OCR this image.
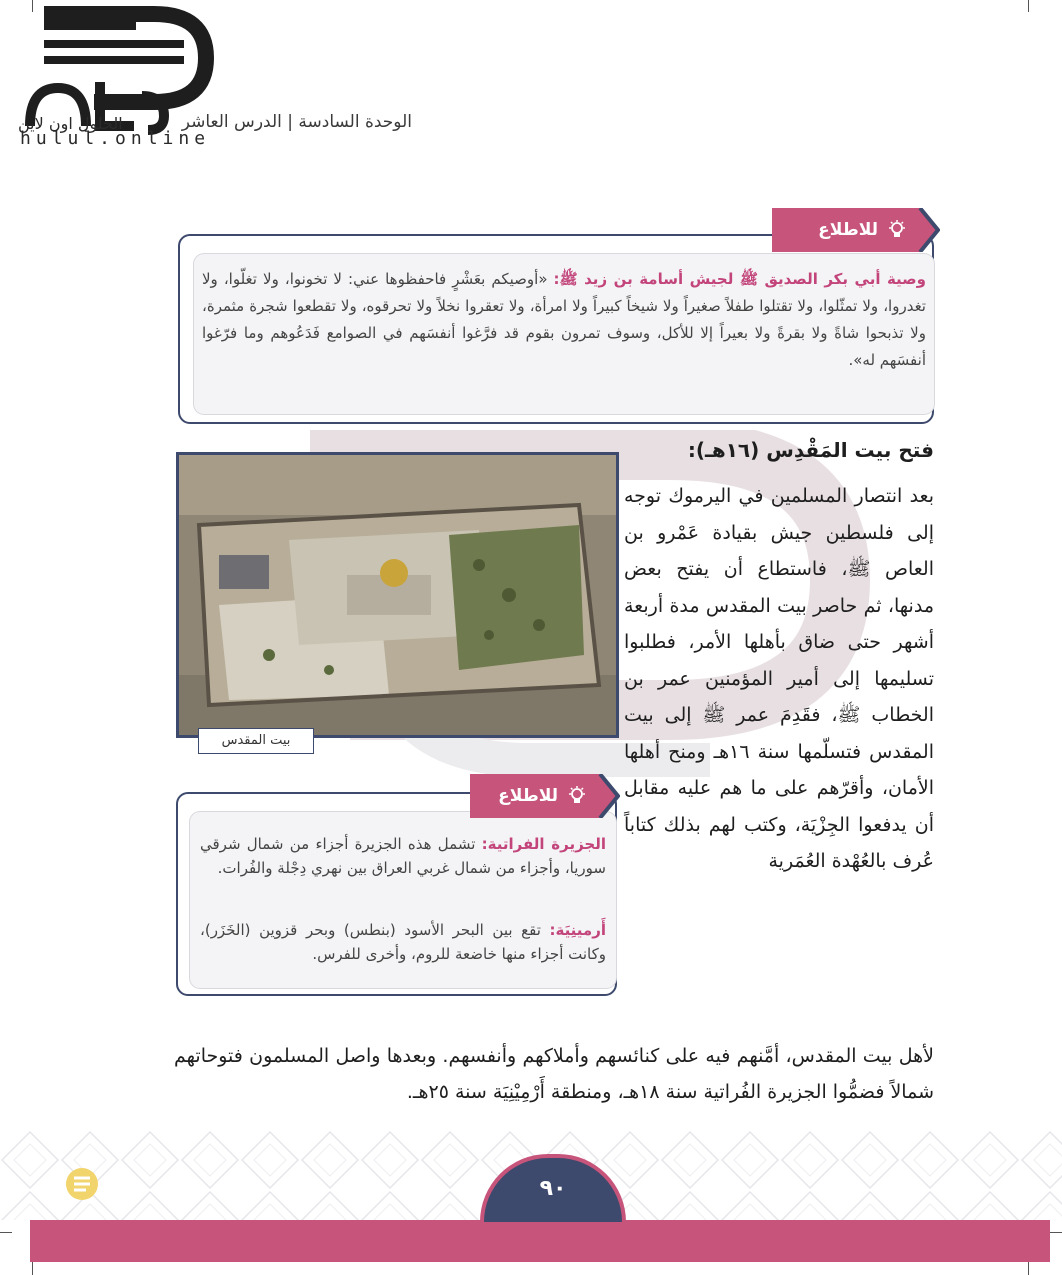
الحلول اون لاين
hulul.online
الوحدة السادسة | الدرس العاشر
للاطلاع
وصية أبي بكر الصديق ﷺ لجيش أسامة بن زيد ﷺ: «أوصيكم بعَشْرٍ فاحفظوها عني: لا تخونوا، ولا تغلّوا، ولا تغدروا، ولا تمثّلوا، ولا تقتلوا طفلاً صغيراً ولا شيخاً كبيراً ولا امرأة، ولا تعقروا نخلاً ولا تحرقوه، ولا تقطعوا شجرة مثمرة، ولا تذبحوا شاةً ولا بقرةً ولا بعيراً إلا للأكل، وسوف تمرون بقوم قد فرَّغوا أنفسَهم في الصوامع فَدَعُوهم وما فرّغوا أنفسَهم له».
فتح بيت المَقْدِس (١٦هـ):
بيت المقدس
بعد انتصار المسلمين في اليرموك توجه إلى فلسطين جيش بقيادة عَمْرو بن العاص ﷺ، فاستطاع أن يفتح بعض مدنها، ثم حاصر بيت المقدس مدة أربعة أشهر حتى ضاق بأهلها الأمر، فطلبوا تسليمها إلى أمير المؤمنين عمر بن الخطاب ﷺ، فقَدِمَ عمر ﷺ إلى بيت المقدس فتسلّمها سنة ١٦هـ ومنح أهلها الأمان، وأقرّهم على ما هم عليه مقابل أن يدفعوا الجِزْيَة، وكتب لهم بذلك كتاباً عُرف بالعُهْدة العُمَرية
للاطلاع
الجزيرة الفراتية: تشمل هذه الجزيرة أجزاء من شمال شرقي سوريا، وأجزاء من شمال غربي العراق بين نهري دِجْلة والفُرات.
أَرمينِيَة: تقع بين البحر الأسود (بنطس) وبحر قزوين (الخَزَر)، وكانت أجزاء منها خاضعة للروم، وأخرى للفرس.
لأهل بيت المقدس، أمَّنهم فيه على كنائسهم وأملاكهم وأنفسهم. وبعدها واصل المسلمون فتوحاتهم شمالاً فضمُّوا الجزيرة الفُراتية سنة ١٨هـ، ومنطقة أَرْمِيْنِيَة سنة ٢٥هـ.
٩٠
